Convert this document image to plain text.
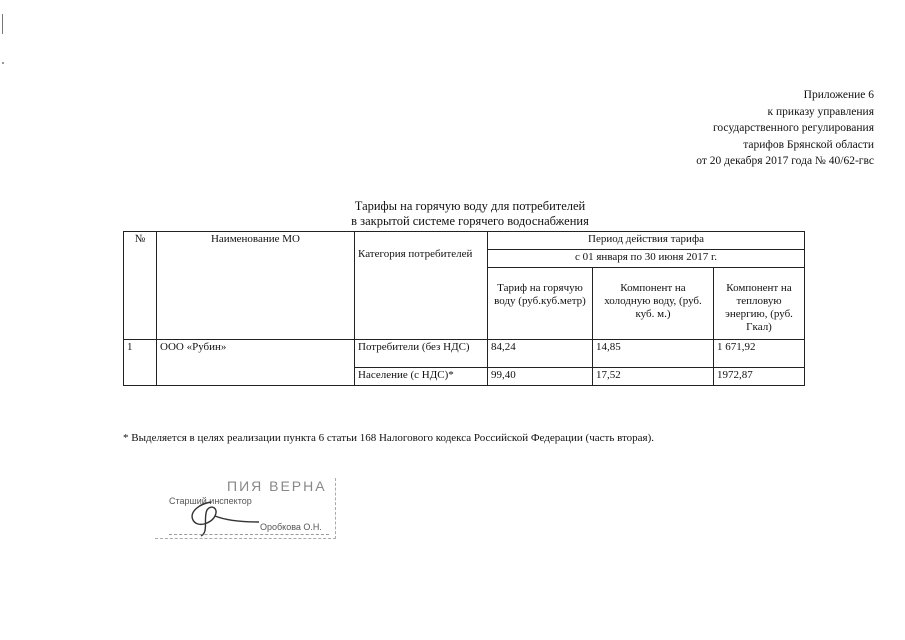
Приложение 6
к приказу управления
государственного регулирования
тарифов Брянской области
от 20 декабря 2017 года № 40/62-гвс
Тарифы на горячую воду для потребителей
в закрытой системе горячего водоснабжения
№	Наименование МО	Категория потребителей	Период действия тарифа		
			с 01 января по 30 июня 2017 г.		
			Тариф на горячую воду (руб.куб.метр)	Компонент на холодную воду, (руб. куб. м.)	Компонент на тепловую энергию, (руб. Гкал)
1	ООО «Рубин»	Потребители (без НДС)	84,24	14,85	1 671,92
		Население (с НДС)*	99,40	17,52	1972,87
* Выделяется в целях реализации пункта 6 статьи 168 Налогового кодекса Российской Федерации (часть вторая).
ПИЯ ВЕРНА
Старший инспектор
Оробкова О.Н.
